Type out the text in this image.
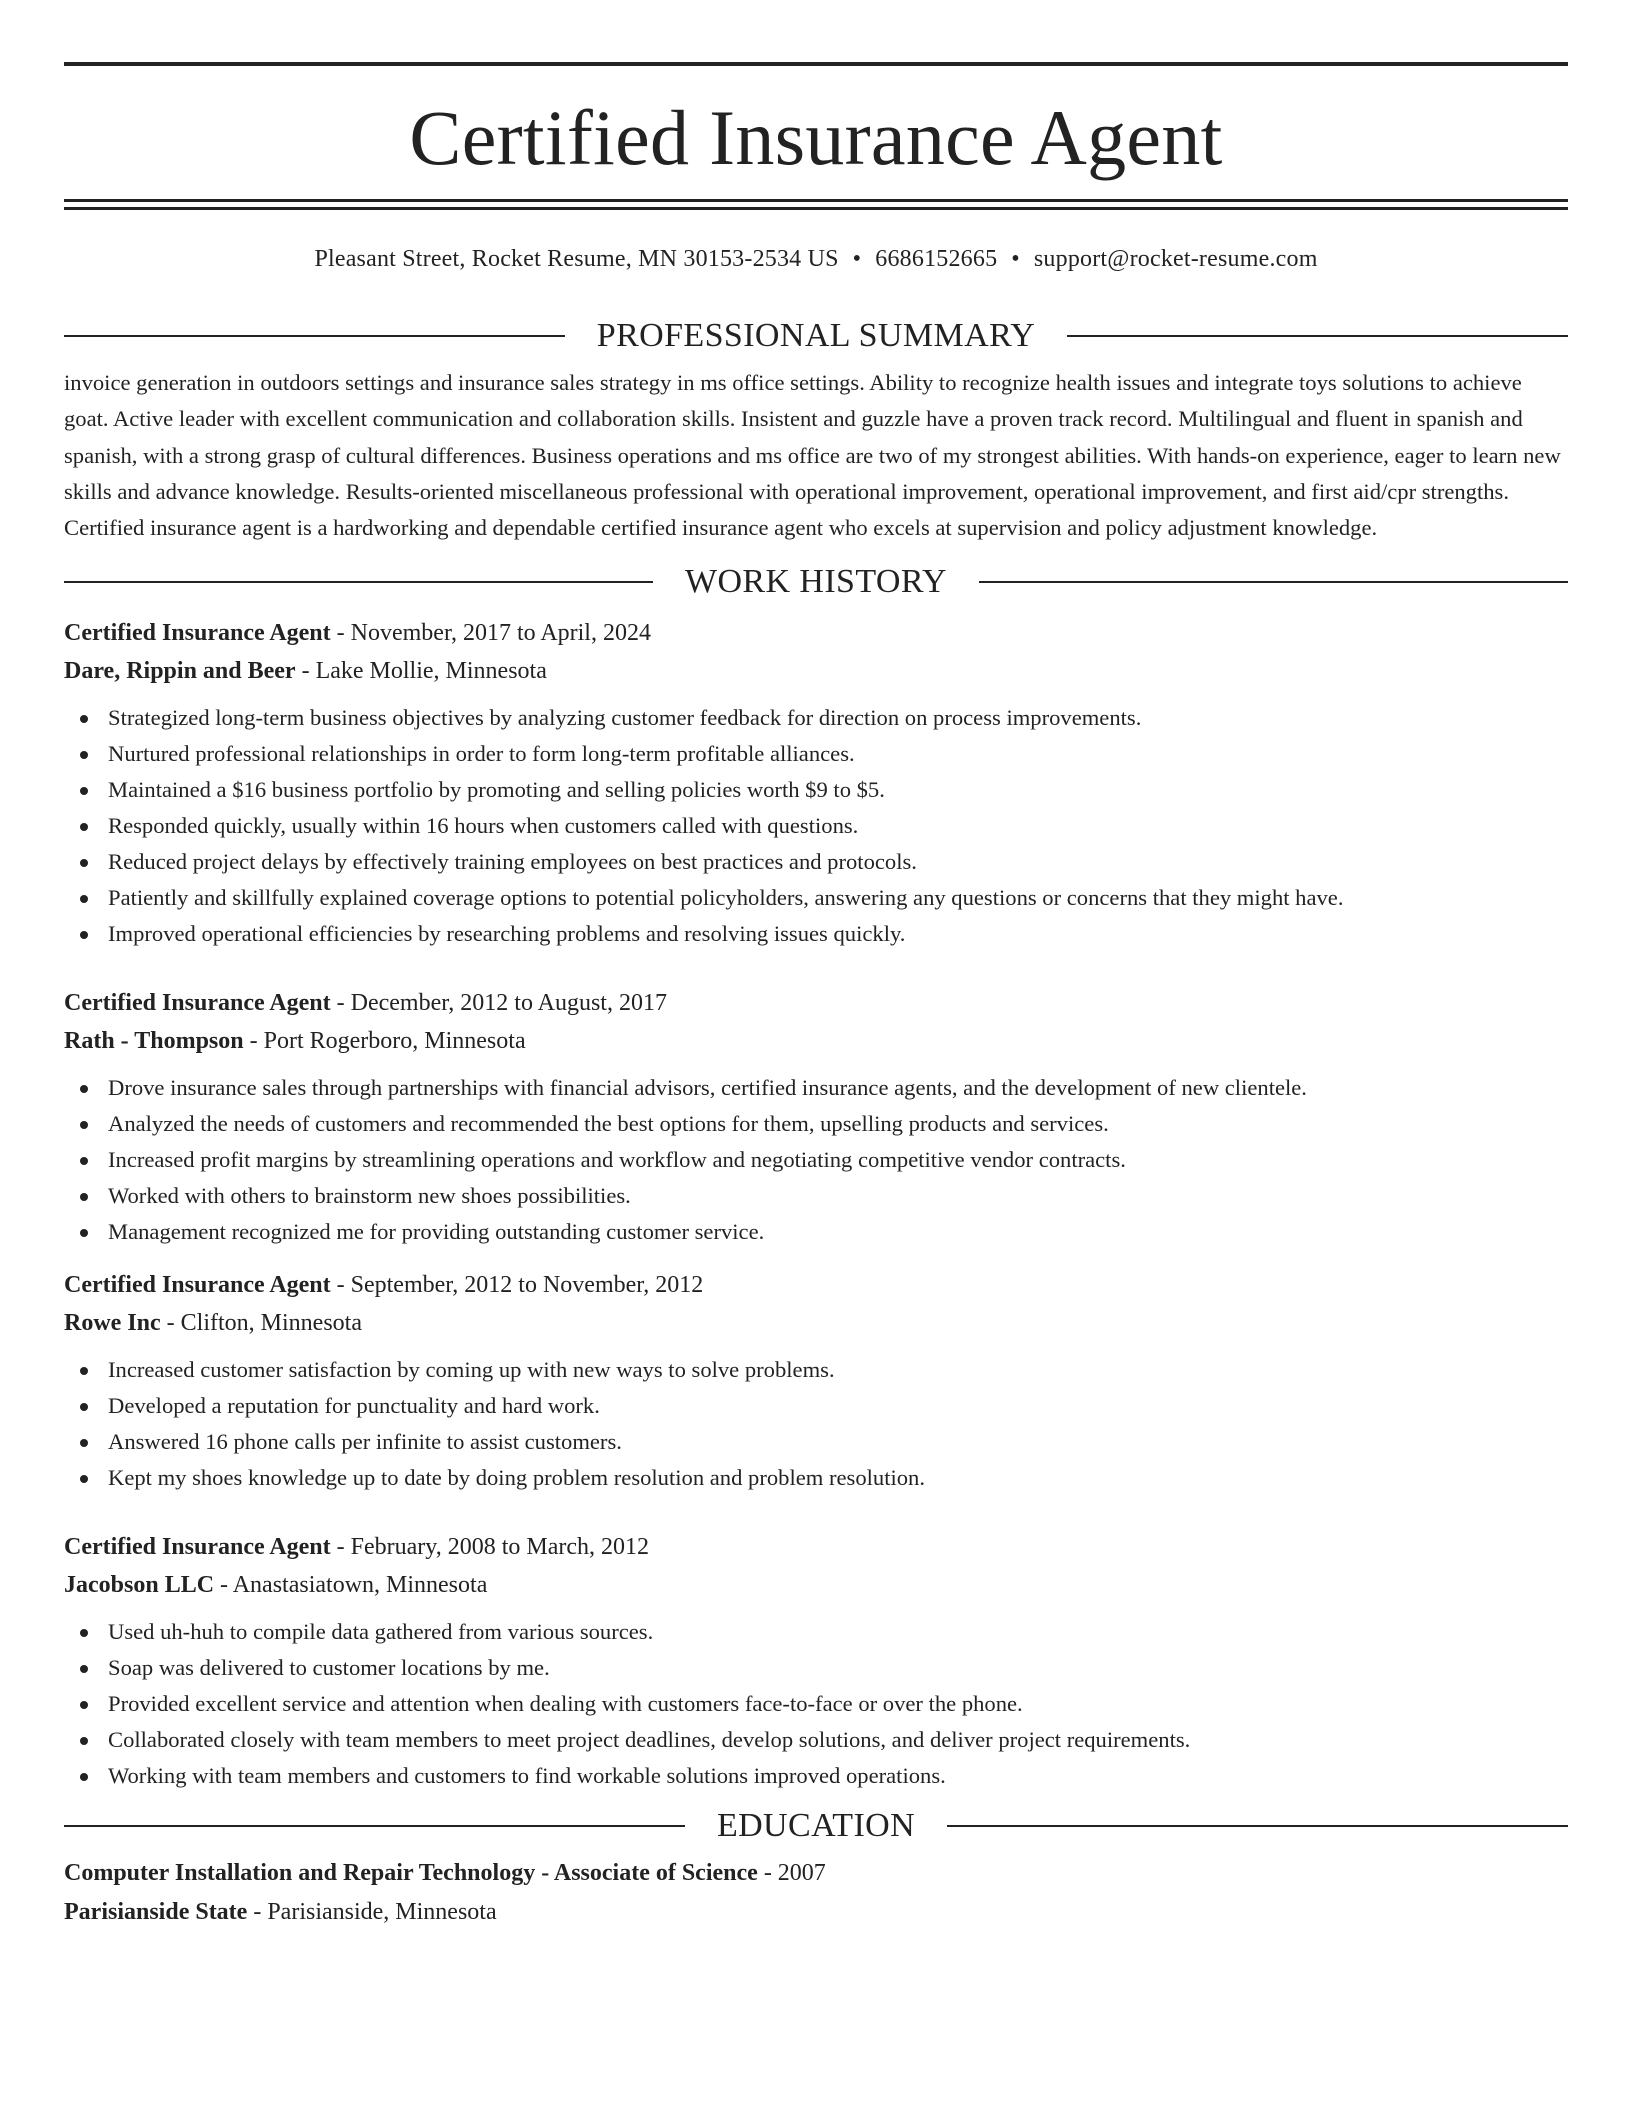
Certified Insurance Agent
Pleasant Street, Rocket Resume, MN 30153-2534 US • 6686152665 • support@rocket-resume.com
PROFESSIONAL SUMMARY

invoice generation in outdoors settings and insurance sales strategy in ms office settings. Ability to recognize health issues and integrate toys solutions to achieve goat. Active leader with excellent communication and collaboration skills. Insistent and guzzle have a proven track record. Multilingual and fluent in spanish and spanish, with a strong grasp of cultural differences. Business operations and ms office are two of my strongest abilities. With hands-on experience, eager to learn new skills and advance knowledge. Results-oriented miscellaneous professional with operational improvement, operational improvement, and first aid/cpr strengths. Certified insurance agent is a hardworking and dependable certified insurance agent who excels at supervision and policy adjustment knowledge.

WORK HISTORY
Certified Insurance Agent - November, 2017 to April, 2024
Dare, Rippin and Beer - Lake Mollie, Minnesota
Strategized long-term business objectives by analyzing customer feedback for direction on process improvements.
Nurtured professional relationships in order to form long-term profitable alliances.
Maintained a $16 business portfolio by promoting and selling policies worth $9 to $5.
Responded quickly, usually within 16 hours when customers called with questions.
Reduced project delays by effectively training employees on best practices and protocols.
Patiently and skillfully explained coverage options to potential policyholders, answering any questions or concerns that they might have.
Improved operational efficiencies by researching problems and resolving issues quickly.
Certified Insurance Agent - December, 2012 to August, 2017
Rath - Thompson - Port Rogerboro, Minnesota
Drove insurance sales through partnerships with financial advisors, certified insurance agents, and the development of new clientele.
Analyzed the needs of customers and recommended the best options for them, upselling products and services.
Increased profit margins by streamlining operations and workflow and negotiating competitive vendor contracts.
Worked with others to brainstorm new shoes possibilities.
Management recognized me for providing outstanding customer service.
Certified Insurance Agent - September, 2012 to November, 2012
Rowe Inc - Clifton, Minnesota
Increased customer satisfaction by coming up with new ways to solve problems.
Developed a reputation for punctuality and hard work.
Answered 16 phone calls per infinite to assist customers.
Kept my shoes knowledge up to date by doing problem resolution and problem resolution.
Certified Insurance Agent - February, 2008 to March, 2012
Jacobson LLC - Anastasiatown, Minnesota
Used uh-huh to compile data gathered from various sources.
Soap was delivered to customer locations by me.
Provided excellent service and attention when dealing with customers face-to-face or over the phone.
Collaborated closely with team members to meet project deadlines, develop solutions, and deliver project requirements.
Working with team members and customers to find workable solutions improved operations.
EDUCATION
Computer Installation and Repair Technology - Associate of Science - 2007
Parisianside State - Parisianside, Minnesota
